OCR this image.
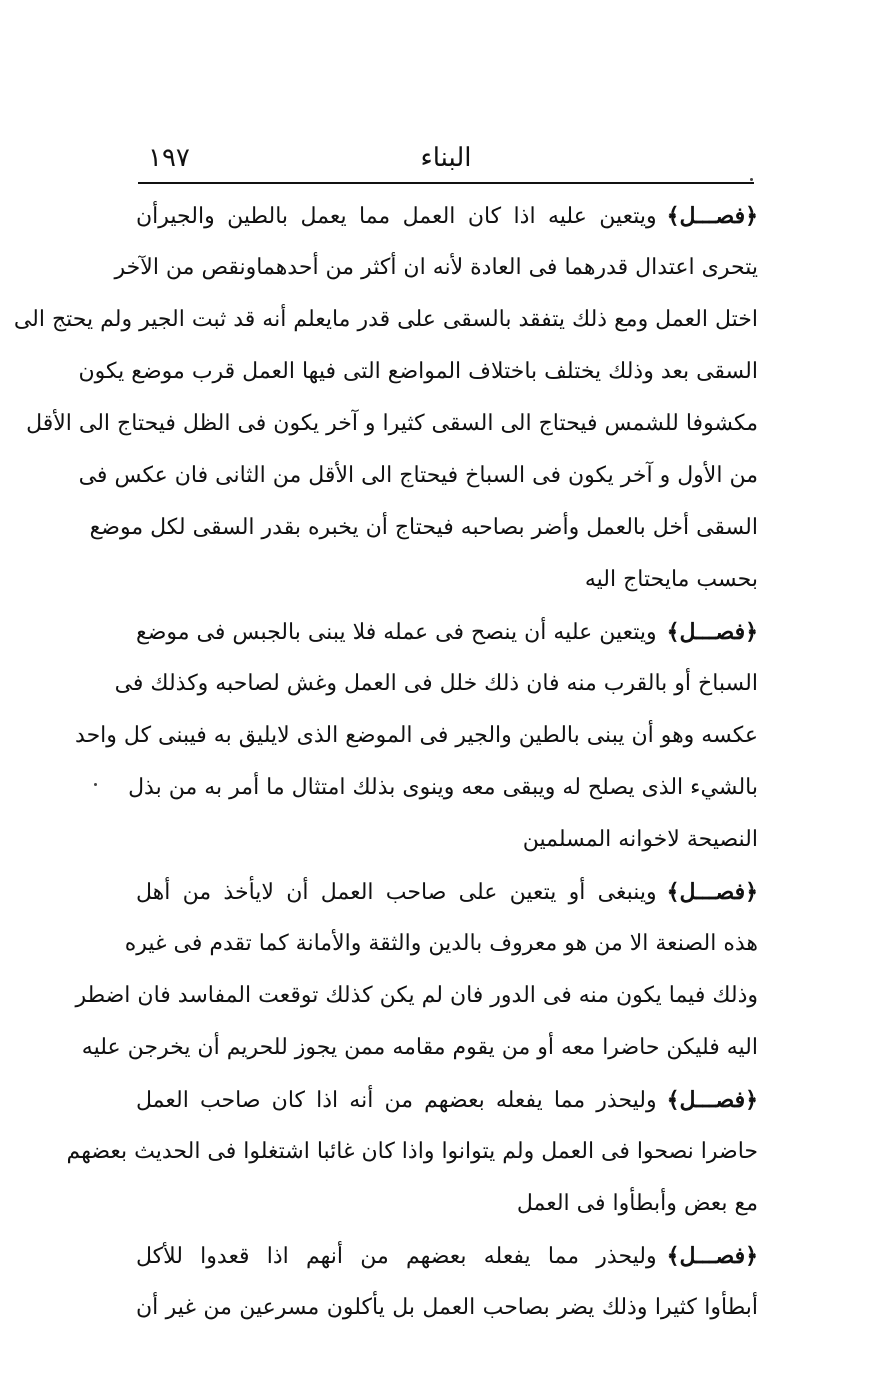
البناء
١٩٧
﴿فصـــل﴾ويتعين عليه اذا كان العمل مما يعمل بالطين والجيرأن
يتحرى اعتدال قدرهما فى العادة لأنه ان أكثر من أحدهماونقص من الآخر
اختل العمل ومع ذلك يتفقد بالسقى على قدر مايعلم أنه قد ثبت الجير ولم يحتج الى
السقى بعد وذلك يختلف باختلاف المواضع التى فيها العمل قرب موضع يكون
مكشوفا للشمس فيحتاج الى السقى كثيرا و آخر يكون فى الظل فيحتاج الى الأقل
من الأول و آخر يكون فى السباخ فيحتاج الى الأقل من الثانى فان عكس فى
السقى أخل بالعمل وأضر بصاحبه فيحتاج أن يخبره بقدر السقى لكل موضع
بحسب مايحتاج اليه
﴿فصـــل﴾ويتعين عليه أن ينصح فى عمله فلا يبنى بالجبس فى موضع
السباخ أو بالقرب منه فان ذلك خلل فى العمل وغش لصاحبه وكذلك فى
عكسه وهو أن يبنى بالطين والجير فى الموضع الذى لايليق به فيبنى كل واحد
بالشيء الذى يصلح له ويبقى معه وينوى بذلك امتثال ما أمر به من بذل
النصيحة لاخوانه المسلمين
﴿فصـــل﴾وينبغى أو يتعين على صاحب العمل أن لايأخذ من أهل
هذه الصنعة الا من هو معروف بالدين والثقة والأمانة كما تقدم فى غيره
وذلك فيما يكون منه فى الدور فان لم يكن كذلك توقعت المفاسد فان اضطر
اليه فليكن حاضرا معه أو من يقوم مقامه ممن يجوز للحريم أن يخرجن عليه
﴿فصـــل﴾وليحذر مما يفعله بعضهم من أنه اذا كان صاحب العمل
حاضرا نصحوا فى العمل ولم يتوانوا واذا كان غائبا اشتغلوا فى الحديث بعضهم
مع بعض وأبطأوا فى العمل
﴿فصـــل﴾وليحذر مما يفعله بعضهم من أنهم اذا قعدوا للأكل
أبطأوا كثيرا وذلك يضر بصاحب العمل بل يأكلون مسرعين من غير أن
